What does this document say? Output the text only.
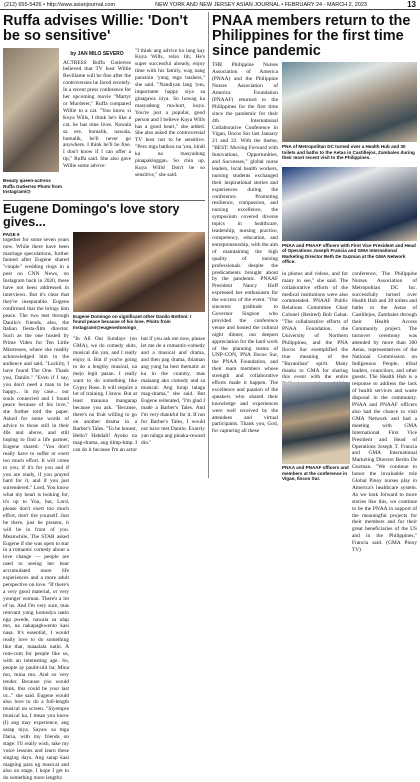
(212) 655-5426 • http://www.asianjournal.com	NEW YORK AND NEW JERSEY ASIAN JOURNAL • FEBRUARY 24 - MARCH 2, 2023	13
Ruffa advises Willie: 'Don't be so sensitive'
by JAN MILO SEVERO
ACTRESS Ruffa Gutierrez believed that TV host Willie Revillame will be fine after the controversies he faced recently. In a recent press conference for her upcoming movie "Martyr or Murderer," Ruffa compared Willie to a cat. "You know si Kuya Wills, I think he's like a cat, he has nine lives. Nawala sa ere, bumalik, nawala, bumalik, he'll never go anywhere. I think he'll be fine. I don't know if I can offer a tip," Ruffa said. She also gave Willie some advice:
"I think ang advice ko lang kay Kuya Wills, relax lih; He's super successful already, enjoy time with his family, wag nang pansinin 'yung mga bashers," she said. "Nandiyan lang 'yun, importante happy siya sa ginagawa niya. So huwag ka masyadong ma-hurt, kuya. You're just a popular, good person and I believe Kuya Wills has a good heart," she added. She also asked the controversial TV host not to be sensitive. "Pero mga batikos na 'yan, hindi ka na masyadong pinapakinggan. So chin up, Kuya Wills! Don't be so sensitive," she said.
Beauty queen-actress Ruffa Gutierrez Photo from Instagram/@
Eugene Domingo's love story gives...
PAGE 6
together for some seven years now. While there have been marriage speculations, further fanned after Eugene shared "couple" wedding rings in a post on CNN News, on Instagram back in 2020, these have not been addressed in interviews. But it's clear that they're inseparable. Eugene confirmed that the brings him peace. The two met through Danilo's friends, also, the Italian fiesta-film director. Such as the one hosted by Prime Video for Ten Little Mistresses, where she readily acknowledged him in the audience and said, "Luckily, I have found The One. Thank you, Danilo." "Even if I say, you don't need a man to be happy... in my case... our souls connected and I found peace because of his love," she further told the paper. Asked for some words of advice to those still in their 40s and above, and still hoping to find a life partner, Eugene shared: "You don't really have to suffer or exert too much effort. It will come to you, if it's for you and if you are ready, if you prayed hard for it, and if you just surrendered." Lord, You know what my heart is looking for, it's up to You, but, Lord, please don't exert too much effort, don't tire yourself. Just be there, just be present, it will be in front of you. Meanwhile, The STAR asked Eugene if she was open to star in a romantic comedy about a love change — people are used to seeing her hear accumulated more life experiences and a more adult perspective on love. "If there's a very good material, or very younger woman. There's a lot of us. And I'm very sure, mas relevant yung komedya natin nga pwede, nawala sa ulap mo, na nakapagkwento kasi nasa. It's essential, I would really love to do something like that, maaalala natin. A rom-com for people like us, with an interesting age. So, people ay paulit-ulit ba; Mina mo, mina mo. And so very tender. Because you would think, this could be your last or..." she said. Eugene would also love to do a full-length musical on screen. "Siyempre musical ka, I mean you know (I) ang may experience, ang sarap niya. Sayaw sa mga Daria, with my friends on stage: I'll really wish, take my voice lessons and learn these singing days. Ang sarap kasi magsing para ng musical and also on stage. I hope I get to do something more lengthy.
Eugene Domingo on significant other Danilo Bottoni: I found peace because of his love. Photo from Instagram/@eugenedomingo_
"In All Out Sundays (on GMA), we do comedy skits, musical din yan, and I really enjoy it. But if you're going to do a lengthy musical, na mejo legit pasan. I really want to do something like Gypsy Rose. It will require a lot of training. I know. But at least mauuna mangarap because you ask. "Because, there's no fruit willing to go on another drama in a Barber's Tales. "To be honest, Hello? Habdali! Ayoko na mag-drama, ang tilmp-hmp. I can do it because I'm an actor but if you ask me now, please let me do a romantic-comedy and a musical and drama, and then pag drama, ibiaman ang yung ba best thematic at ka in the country, mas maiaang ako comedy and sa musical. Ang hirap talaga mag-drama," she said. But Eugene reiterated, "I'm glad I made a Barber's Tales. And I'm very thankful for it. If not for Barber's Tales, I would not have met Danilo. Exactly yan talaga ang pinaka-reward din."
PNAA members return to the Philippines for the first time since pandemic
THE Philippine Nurses Association of America (PNAA) and the Philippine Nurses Association of America Foundation (PNAAF) returned to the Philippines for the first time since the pandemic for their 4th International Collaborative Conference in Vigan, Ilocos Sur last January 21 and 22. With the theme, "BEST: Moving Forward with Innovations, Opportunities, and Successes," global nurse leaders, local health workers, nursing students exchanged their inspirational stories and experiences during the conference. Promoting resilience, compassion, and nursing excellence, the symposium covered diverse topics in healthcare, leadership, nursing practice, competency, education, and entrepreneurship, with the aim of maintaining the high quality of nursing professionals despite the predicaments brought about by the pandemic. PNAAF President Nancy Hoff expressed her enthusiasm for the success of the event. "Our sincerest gratitude to Governor Singson who provided the conference venue and hosted the cultural night dinner, our deepest appreciation for the hard work of the planning teams of UNP-CON, PNA Ilocos Sur, the PNAA Foundation, and their team members whose strength and collaborative efforts made it happen. The excellence and passion of the speakers who shared their knowledge and experiences were well received by the attendees and virtual participants. Thank you, God, for capturing all these
PNA of Metropolitan DC turned over a Health Hub and 30 toilets and baths to the Aetas in Castillejos, Zambales during their most recent visit to the Philippines.
PNAA and PNAAF officers with First Vice President and Head of Operations Joseph Francia and GMA International Marketing Director Beth De Guzman at the GMA Network office.
in photos and videos, and for many to see," she said. The collaborative efforts of the medical institutions were also commended. PNAAF Public Relations Committee Chair Colonel (Retired) Bob Gabat. "The collaborative efforts of PNAA Foundation, the University of Northern Philippines, and the PNA Ilocos Sur exemplified the true meaning of the "Bayanihan" spirit. Many thanks to GMA for sharing this event with the entire
conference, The Philippine Nurses Association of Metropolitan DC Inc. successfully turned over Health Hub and 30 toilets and baths to the Aetas of Castillejos, Zambales through their Health Access Community project. The turnover ceremony was attended by more than 300 Aetas, representatives of the National Commission on Indigenous People, tribal leaders, councilors, and other guests. The Health Hub is a response to address the lack of health services and waste disposal in the community. PNAA and PNAAF officers also had the chance to visit GMA Network and had a meeting with GMA International First Vice President and Head of Operations Joseph T. Francia and GMA International Marketing Director Berlin De Guzman. "We continue to honor the invaluable role Global Pinoy nurses play in America's healthcare system. As we look forward to more stories like this, we continue to be the PNAA in support of the meaningful projects for their members and for their great beneficiaries of the US and in the Philippines," Francia said. (GMA Pinoy TV)
PNAA and PNAAF officers and members at the conference in Vigan, Ilocos Sur.
